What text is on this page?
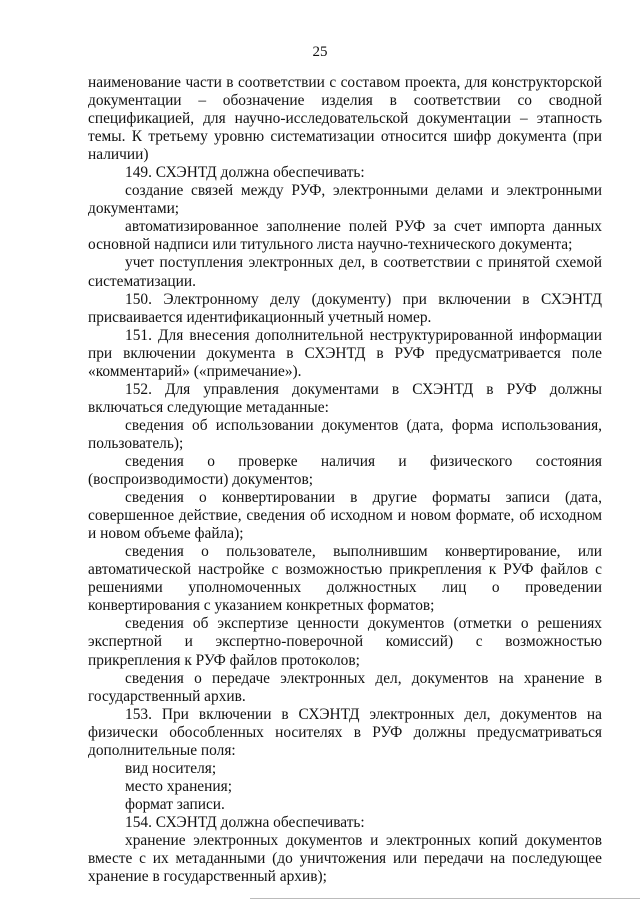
25

наименование части в соответствии с составом проекта, для конструкторской документации – обозначение изделия в соответствии со сводной спецификацией, для научно-исследовательской документации – этапность темы. К третьему уровню систематизации относится шифр документа (при наличии)

149. СХЭНТД должна обеспечивать:

создание связей между РУФ, электронными делами и электронными документами;

автоматизированное заполнение полей РУФ за счет импорта данных основной надписи или титульного листа научно-технического документа;

учет поступления электронных дел, в соответствии с принятой схемой систематизации.

150. Электронному делу (документу) при включении в СХЭНТД присваивается идентификационный учетный номер.

151. Для внесения дополнительной неструктурированной информации при включении документа в СХЭНТД в РУФ предусматривается поле «комментарий» («примечание»).

152. Для управления документами в СХЭНТД в РУФ должны включаться следующие метаданные:

сведения об использовании документов (дата, форма использования, пользователь);

сведения о проверке наличия и физического состояния (воспроизводимости) документов;

сведения о конвертировании в другие форматы записи (дата, совершенное действие, сведения об исходном и новом формате, об исходном и новом объеме файла);

сведения о пользователе, выполнившим конвертирование, или автоматической настройке с возможностью прикрепления к РУФ файлов с решениями уполномоченных должностных лиц о проведении конвертирования с указанием конкретных форматов;

сведения об экспертизе ценности документов (отметки о решениях экспертной и экспертно-поверочной комиссий) с возможностью прикрепления к РУФ файлов протоколов;

сведения о передаче электронных дел, документов на хранение в государственный архив.

153. При включении в СХЭНТД электронных дел, документов на физически обособленных носителях в РУФ должны предусматриваться дополнительные поля:

вид носителя;

место хранения;

формат записи.

154. СХЭНТД должна обеспечивать:

хранение электронных документов и электронных копий документов вместе с их метаданными (до уничтожения или передачи на последующее хранение в государственный архив);
